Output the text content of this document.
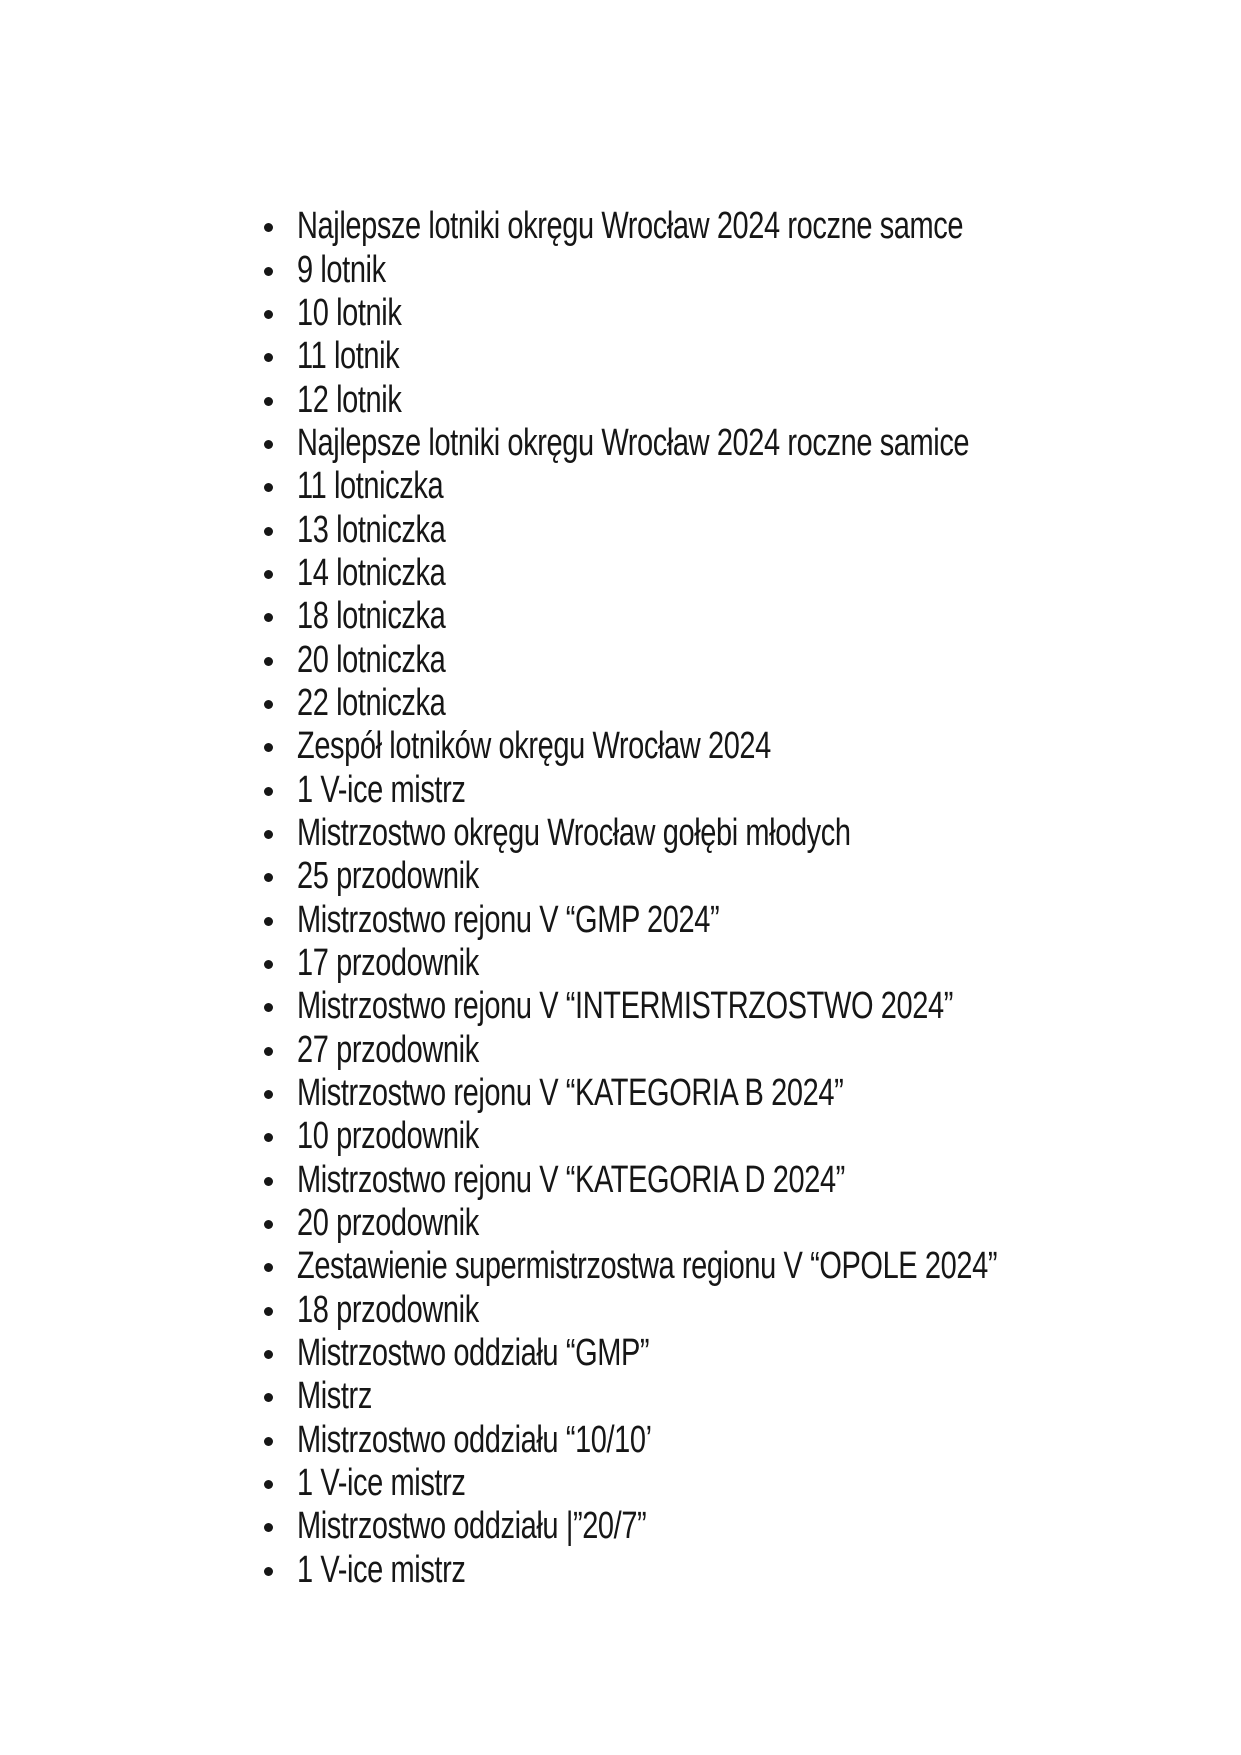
Najlepsze lotniki okręgu Wrocław 2024 roczne samce
9 lotnik
10 lotnik
11 lotnik
12 lotnik
Najlepsze lotniki okręgu Wrocław 2024 roczne samice
11 lotniczka
13 lotniczka
14 lotniczka
18 lotniczka
20 lotniczka
22 lotniczka
Zespół lotników okręgu Wrocław 2024
1 V-ice mistrz
Mistrzostwo okręgu Wrocław gołębi młodych
25 przodownik
Mistrzostwo rejonu V “GMP 2024”
17 przodownik
Mistrzostwo rejonu V “INTERMISTRZOSTWO 2024”
27 przodownik
Mistrzostwo rejonu V “KATEGORIA B 2024”
10 przodownik
Mistrzostwo rejonu V “KATEGORIA D 2024”
20 przodownik
Zestawienie supermistrzostwa regionu V “OPOLE 2024”
18 przodownik
Mistrzostwo oddziału “GMP”
Mistrz
Mistrzostwo oddziału “10/10’
1 V-ice mistrz
Mistrzostwo oddziału |”20/7”
1 V-ice mistrz
